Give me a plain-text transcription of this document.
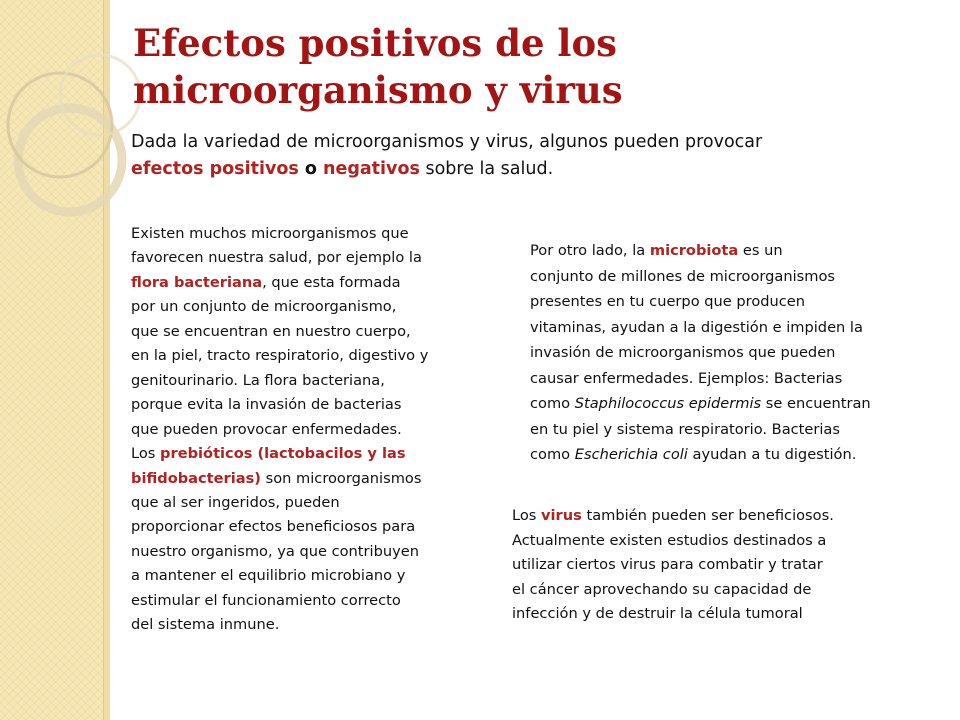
Efectos positivos de los
microorganismo y virus

Dada la variedad de microorganismos y virus, algunos pueden provocar
efectos positivos o negativos sobre la salud.

Existen muchos microorganismos que
favorecen nuestra salud, por ejemplo la
flora bacteriana, que esta formada
por un conjunto de microorganismo,
que se encuentran en nuestro cuerpo,
en la piel, tracto respiratorio, digestivo y
genitourinario. La flora bacteriana,
porque evita la invasión de bacterias
que pueden provocar enfermedades.
Los prebióticos (lactobacilos y las
bifidobacterias) son microorganismos
que al ser ingeridos, pueden
proporcionar efectos beneficiosos para
nuestro organismo, ya que contribuyen
a mantener el equilibrio microbiano y
estimular el funcionamiento correcto
del sistema inmune.

Por otro lado, la microbiota es un
conjunto de millones de microorganismos
presentes en tu cuerpo que producen
vitaminas, ayudan a la digestión e impiden la
invasión de microorganismos que pueden
causar enfermedades. Ejemplos: Bacterias
como Staphilococcus epidermis se encuentran
en tu piel y sistema respiratorio. Bacterias
como Escherichia coli ayudan a tu digestión.

Los virus también pueden ser beneficiosos.
Actualmente existen estudios destinados a
utilizar ciertos virus para combatir y tratar
el cáncer aprovechando su capacidad de
infección y de destruir la célula tumoral
